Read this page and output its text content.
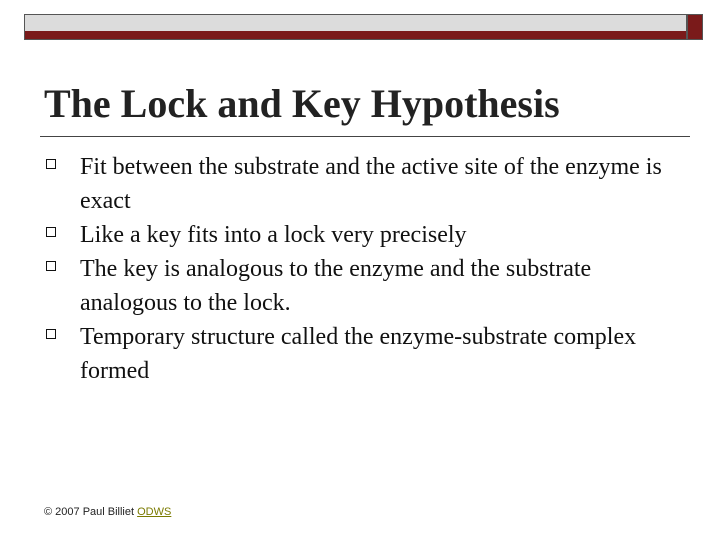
The Lock and Key Hypothesis
Fit between the substrate and the active site of the enzyme is exact
Like a key fits into a lock very precisely
The key is analogous to the enzyme and the substrate analogous to the lock.
Temporary structure called the enzyme-substrate complex formed
© 2007 Paul Billiet ODWS
